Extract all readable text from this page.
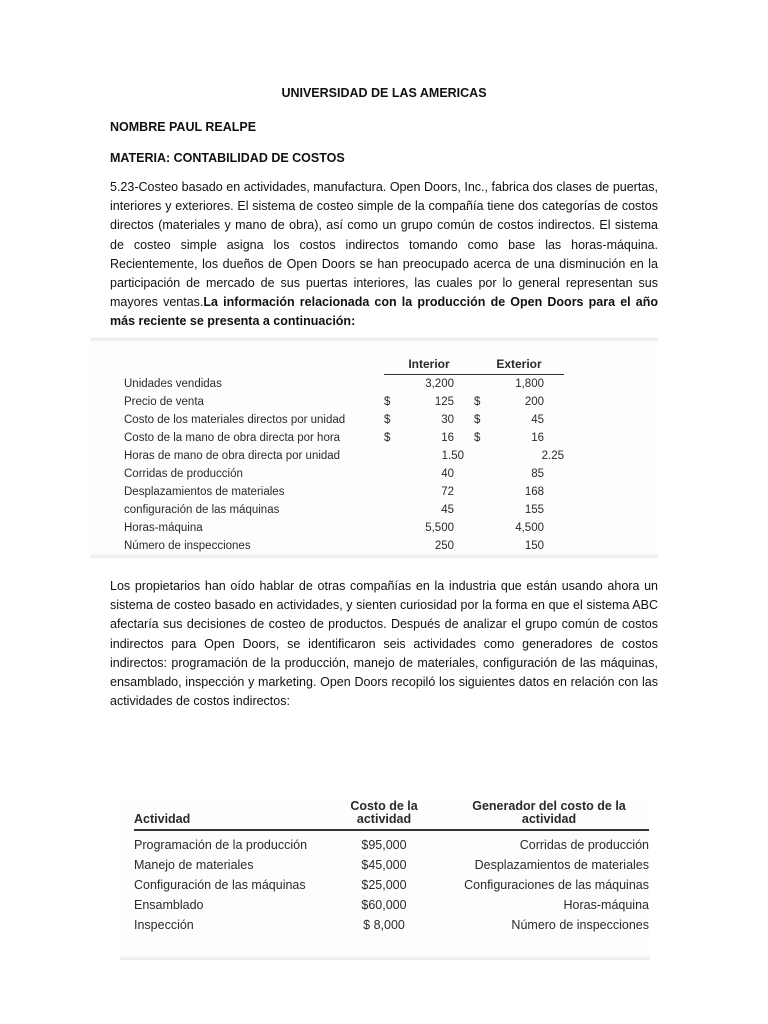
UNIVERSIDAD DE LAS AMERICAS
NOMBRE PAUL REALPE
MATERIA: CONTABILIDAD DE COSTOS
5.23-Costeo basado en actividades, manufactura. Open Doors, Inc., fabrica dos clases de puertas, interiores y exteriores. El sistema de costeo simple de la compañía tiene dos categorías de costos directos (materiales y mano de obra), así como un grupo común de costos indirectos. El sistema de costeo simple asigna los costos indirectos tomando como base las horas-máquina. Recientemente, los dueños de Open Doors se han preocupado acerca de una disminución en la participación de mercado de sus puertas interiores, las cuales por lo general representan sus mayores ventas.La información relacionada con la producción de Open Doors para el año más reciente se presenta a continuación:
	Interior	Exterior
Unidades vendidas	3,200	1,800
Precio de venta	$ 125	$ 200
Costo de los materiales directos por unidad	$ 30	$ 45
Costo de la mano de obra directa por hora	$ 16	$ 16
Horas de mano de obra directa por unidad	1.50	2.25
Corridas de producción	40	85
Desplazamientos de materiales	72	168
configuración de las máquinas	45	155
Horas-máquina	5,500	4,500
Número de inspecciones	250	150
Los propietarios han oído hablar de otras compañías en la industria que están usando ahora un sistema de costeo basado en actividades, y sienten curiosidad por la forma en que el sistema ABC afectaría sus decisiones de costeo de productos. Después de analizar el grupo común de costos indirectos para Open Doors, se identificaron seis actividades como generadores de costos indirectos: programación de la producción, manejo de materiales, configuración de las máquinas, ensamblado, inspección y marketing. Open Doors recopiló los siguientes datos en relación con las actividades de costos indirectos:
Actividad	Costo de la actividad	Generador del costo de la actividad
Programación de la producción	$95,000	Corridas de producción
Manejo de materiales	$45,000	Desplazamientos de materiales
Configuración de las máquinas	$25,000	Configuraciones de las máquinas
Ensamblado	$60,000	Horas-máquina
Inspección	$ 8,000	Número de inspecciones
